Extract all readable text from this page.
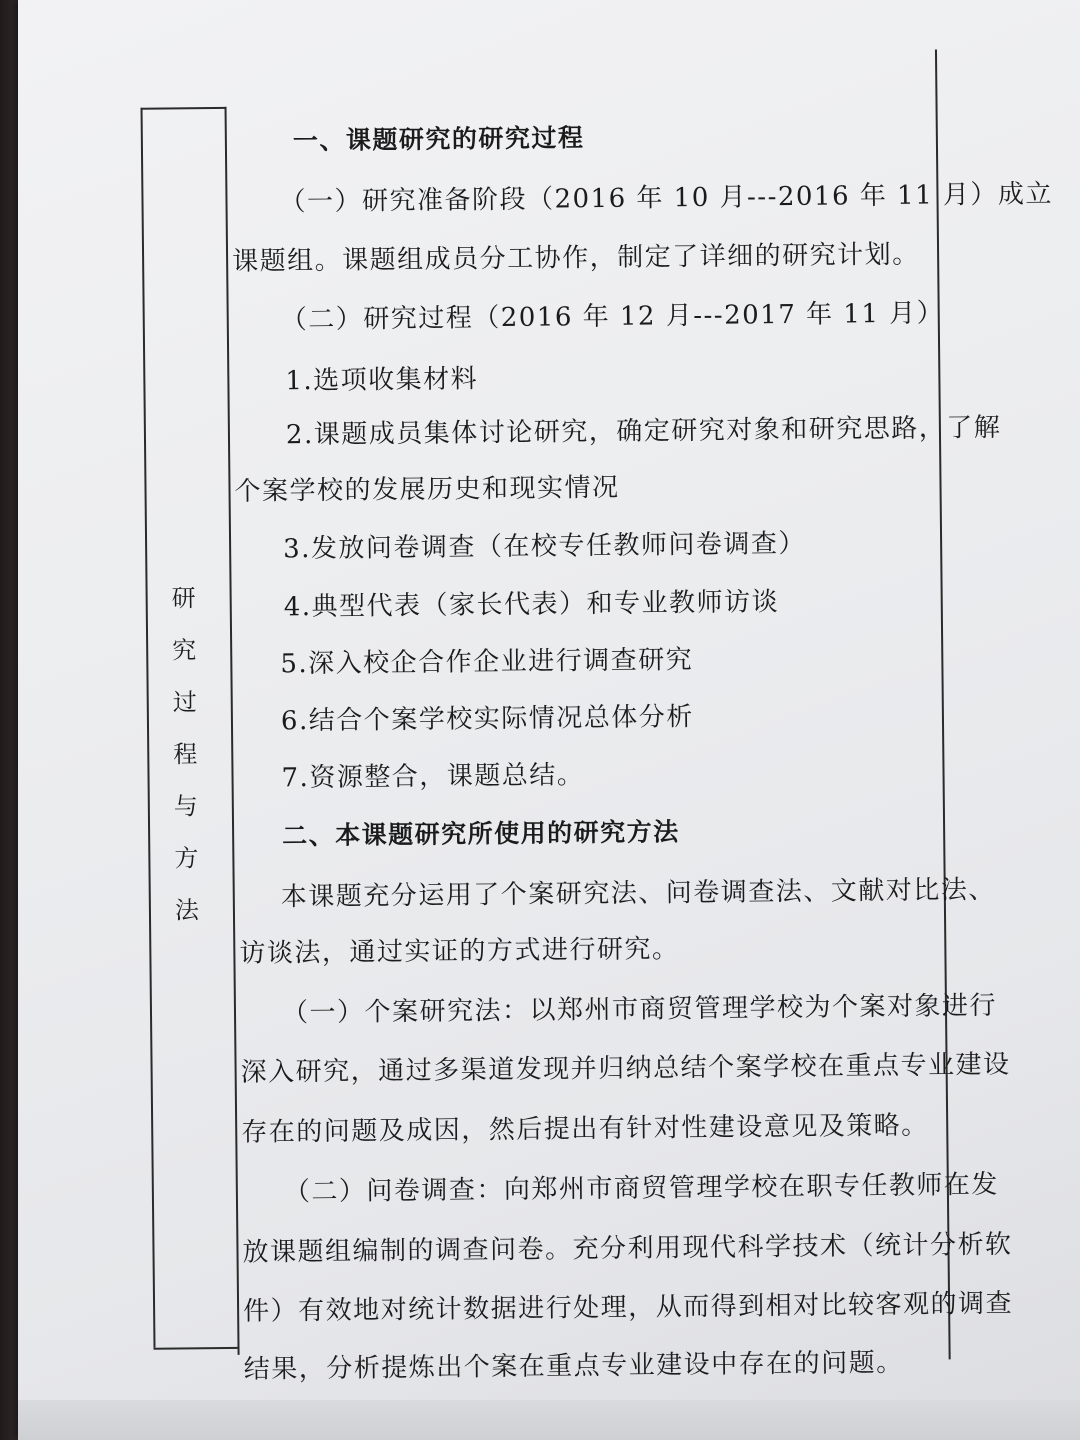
研
究
过
程
与
方
法
一、课题研究的研究过程
（一）研究准备阶段（2016 年 10 月---2016 年 11 月）成立
课题组。课题组成员分工协作，制定了详细的研究计划。
（二）研究过程（2016 年 12 月---2017 年 11 月）
1.选项收集材料
2.课题成员集体讨论研究，确定研究对象和研究思路，了解
个案学校的发展历史和现实情况
3.发放问卷调查（在校专任教师问卷调查）
4.典型代表（家长代表）和专业教师访谈
5.深入校企合作企业进行调查研究
6.结合个案学校实际情况总体分析
7.资源整合，课题总结。
二、本课题研究所使用的研究方法
本课题充分运用了个案研究法、问卷调查法、文献对比法、
访谈法，通过实证的方式进行研究。
（一）个案研究法：以郑州市商贸管理学校为个案对象进行
深入研究，通过多渠道发现并归纳总结个案学校在重点专业建设
存在的问题及成因，然后提出有针对性建设意见及策略。
（二）问卷调查：向郑州市商贸管理学校在职专任教师在发
放课题组编制的调查问卷。充分利用现代科学技术（统计分析软
件）有效地对统计数据进行处理，从而得到相对比较客观的调查
结果，分析提炼出个案在重点专业建设中存在的问题。
